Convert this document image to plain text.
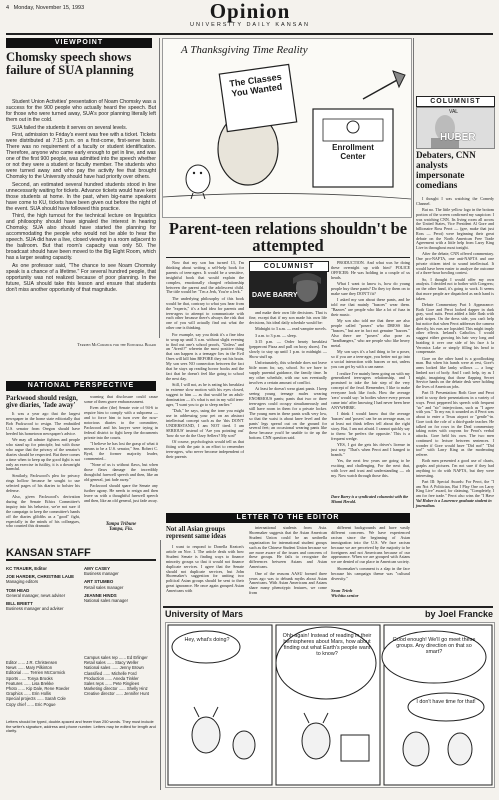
4 Monday, November 15, 1993	Opinion
UNIVERSITY DAILY KANSAN
VIEWPOINT
Chomsky speech shows failure of SUA planning

Student Union Activities' presentation of Noam Chomsky was a success for the 900 people who actually heard the speech. But for those who were turned away, SUA's poor planning literally left them out in the cold.

SUA failed the students it serves on several levels.

First, admission to Friday's event was free with a ticket. Tickets were distributed at 7:15 p.m. on a first-come, first-serve basis. There was no requirement of a faculty or student identification. Therefore, anyone who came early enough to get in line, and was one of the first 900 people, was admitted into the speech whether or not they were a student or faculty member. The students who were turned away and who pay the activity fee that brought Chomsky to the University should have had priority over others.

Second, an estimated several hundred students stood in line unnecessarily waiting for tickets. Advance tickets would have kept those students at home. In the past, when big-name speakers have come to KU, tickets have been given out before the night of the event. SUA should have followed this practice.

Third, the high turnout for the technical lecture on linguistics and philosophy should have signaled the interest in hearing Chomsky. SUA also should have started the planning for accommodating the people who would not be able to hear the speech. SUA did have a live, closed viewing in a room adjacent to the ballroom. But that room's capacity was only 50. The broadcast should have been moved to the Big Eight Room, which has a larger seating capacity.

As one professor said, "The chance to see Noam Chomsky speak is a chance of a lifetime." For several hundred people, that opportunity was not realized because of poor planning. In the future, SUA should take this lesson and ensure that students don't miss another opportunity of that magnitude.

Terrien McCormick for the Editorial Board
A Thanksgiving Time Reality
The Classes You Wanted
Enrollment Center
COLUMNIST
VAL
HUBER
Debaters, CNN analysts impersonate comedians

I thought I was watching the Comedy Channel.

But no. The little yellow logo in the bottom portion of the screen confirmed my suspicion: I was watching CNN. Its living room all across the United States, Vice President Al Gore and billionaire Ross Perot — (gee, make that just Ross — Perot) were beginning their great debate on the North American Free Trade Agreement with a little help from Larry King Live in throughout most tonight.

After the debate, CNN offered commentary. One pro-NAFTA, one anti-NAFTA and one private citizen tried to sound intellectual. It would have been easier to analyze the outcome of a three-hour bowling contest.

So, I thought I would offer my own analysis. I decided not to bother with Congress; on the other hand, it's going to work. It seems that more people are dispatched as each hand is taken.

Debate Commentary Part I: Appearance: Both Gore and Perot looked dapper in dark gray, wool suits. Perot added a little flash with gold stripes. On the dress side, you can't help but notice that when Perot addresses the camera directly, his ears are lopsided. This might imply other effects. Ireland's Catholics. I would suggest either growing his hair very long and braiding it over one side of his face à la Veronica Lake or simply filling his head to compensate.

Gore on the other hand is a goodlooking man. But when his hands were at rest, Gore's arms looked like lanky willows — a long-limbed sort of body. And I can't help, try as I might, imagining that those flapping Secret Service hands on the debate desk were holding the lives of American jobs.

Part II: Presentation: Both Gore and Perot tried to sway their presentations in a variety of ways. Perot peppered his speech with frequent "sir" and "sir" interjections, such as "I agree with you." To my ear, it sounded as if Perot was about to enter a Texas airport or "gentle"-in. Gore took the role of a third-grade teacher. He talked on for rows in the Deal commentary taking notes with crayons for Perot's verbal attacks. Gore held his own. The two men continued to lecture between sentences. I wonder if Gore would have "Did not!" "Did too!" with Larry King as the moderating referee.

Both men presented a good use of charts, graphs and pictures. I'm not sure if they had anything to do with NAFTA, but they were interesting.

Part III: Special Awards: For Perot, the "I am Not A Politician, But I Play One on Larry King Live" award, for claiming, "Completely, I am for free trade." Perot also wins the "I Have

Val Huber is a Lawrence graduate student in journalism.
Parent-teen relations shouldn't be attempted

Now that my son has turned 13, I'm thinking about writing a self-help book for parents of teen-agers. It would be a sensitive, insightful book that would explain the complex, emotionally charged relationship between the parent and the adolescent child. The title would be: "I'm a Jerk, You're a Jerk."

The underlying philosophy of this book would be that, contrary to what you hear from the "experts," it's a bad idea for parents and teen-agers to attempt to communicate with each other because there's always the risk that one of you will actually find out what the other one is thinking.

For example, say you think it's a fine idea to wrap up until 3 a.m. without slight evening to find out one's school proofs, "Unless" and an "Aren't?" wherein the most positive thing that can happen is a teenager lies in the Evil Ones will kill him BEFORE they eat his brain. My son sees NO connection between the fact that he stays up reading horror books and the fact that he doesn't feel like going to school the next day.

Still, I will not, as he is eating his breakfast in extreme slow motion with his eyes closed, suggest to him — as that would be an adult-domination — it's what is not in my wild teen-ager, "I want you to go to sleep earlier."

"Duh," he says, using the tone you might use in addressing your pet on an abstract intellectual concept such as the 'this DON'T UNDERSTAND, I am NOT tired. I am SERIOUS' instead of 'Are you pointing out' 'how do we do the Ozzy Sellers? My son?'

Of course, psychologists would tell us that fitting with the pair is an effort to remember teen-agers, who never become independent of their parents

COLUMNIST
DAVE BARRY

and make their own life decisions. That is fine, except that if my son made his own life decisions, his ideal daily schedule would be:

Midnight to 3 a.m. — read vampire novels.

3 a.m. to 3 p.m. — sleep.

3:15 p.m. — Order hearty breakfast (pepperoni Pizza and pull on boxy shoes). I'm slowly to stay up until 1 p.m. to midnight — Show stuff up.

Unfortunately, this schedule does not leave little room for, say, school. So we have to supply parental guidance, the family time. In my other schedule, with our son eventually involves a certain amount of conflict.

At least he doesn't wear giant pants. I keep seeing young teenage males wearing ENORMOUS pants; pants that two or three teen-agers could occupy simultaneously and still have room in them for a private locker. The young men in these pants walk very low, so that the waist is about knee level and the pants' legs spread out on the ground for several feet; an occasional wearing pants like these because you'd be unable to tie up the bottom. CNN question said.

PRODUCTION. And what was he doing these overnight up with him? POLICE OFFICER: He was holding in a couple of us heads.

What I want to know is, how do young people buy these pants? Do they try them on to make sure they DON'T fit?

I asked my son about these pants, and he told me that mainly "bazoes" wear them. "Bazoes" are people who like a lot of fuzz in their music.

My son also told me that there are also people called "posers" who DRESS like "bazoes," but are in fact not genuine "bazoes." Also there are "posers" also pose as "headbangers," who are people who like heavy metal.

My son says it's a bad thing to be a poser, so if you are a teen-ager, you better not go into a social interaction with bazoes or not, unless you can get by with a can name.

I realize I've mainly been going on with my generalized teen-agers relationship, and I promised to take the fair step of the very concept of the feud. Remember, I like to make everyone look like fools. How the average 'zero' would say: 'in bodies where every person came into' after knowing I had never been here ANYWHERE.

I think I would know that the average 'bazoes' and 'posers' can be an average man, or at least not think tellers tell about the right story. But, I am not afraid. I cannot quickly say to them: 'he prefers the opposite.' This is a frequent wedge.

YES, I got the gets his driver's license in just way. "That's when Perot and I hanged to brands."

Yes, the next few years are going to be exciting and challenging. For the next that, with love and trust and understanding — oh my. Now watch through those this.

Dave Barry is a syndicated columnist with the Miami Herald.
NATIONAL PERSPECTIVE
Parkwood should resign, give diaries, 'fade away'

It was a year ago that the largest newspaper in the home state editorially that Bob Packwood to resign. The embattled U.S. senator from Oregon should have heeded his hometown newspaper's advice.

We may all admire fighters and people who stand up for principle, but with those who argue that the privacy of the senator's diaries should be respected. But there comes a time when to keep up the good fight is not only an exercise in futility, it is a downright harmful.

Similarly, Packwood's plea for privacy rings hollow because he sought to use selected pages of his diaries to bolster his defense.

Also, given Packwood's derivation during the Senate Ethics Committee's inquiry into his behavior, we're not sure if the campaign to keep the committee's hands off the diaries glibfibs as a "good" fight, especially in the minds of his colleagues, who counted this dramatic

warning that disclosure could cause some of them grave embarrassment.

Even after (the) Senate vote of 94-6 to require him to comply with a subpoena — and to force him to turn over the now-notorious diaries to the committee, Packwood and his lawyer were trying in federal district to fight keep the documents private into the courts.

"I believe he has lost the grasp of what it means to be a U.S. senator," Sen. Robert C. Byrd, the former majority leader, commented...

"None of us is without flaws, but when those flaws damage the incredibly thoughtful farewell speech and then, like an old general, just fade away."

Packwood should spare the Senate any further agony. He needs to resign and then leave us with a thoughtful farewell speech and then, like an old general, just fade away.

Tampa Tribune
Tampa, Fla.
LETTER TO THE EDITOR
Not all Asian groups represent same ideas

I want to respond to Donella Keaton's article on Nov. 1. The article deals with how Student Senate is finding ways to finance minority groups so that it would not finance duplicate services. I agree that the Senate should not duplicate services, but John Shoemaker's suggestion for uniting two political Asian groups should be sent to their great ignorance. He once again grouped Asian Americans with

international students from Asia. Shoemaker suggests that the Asian American Student Union could be an umbrella organization for international student groups such as the Chinese Student Union because we are more aware of the issues and concerns of these groups. He fails to recognize the differences between Asians and Asian Americans.

One of the reasons AASU formed three years ago was to debunk myths about Asian Americans. With Asian Americans and Asians share many phenotypic features, we come from

different backgrounds and have vastly different concerns. We have experienced racism since the beginning of Asian immigration into the U.S. We face racism because we are perceived by the majority to be foreigners and not Americans because of our appearance. When we are grouped with Asians we are denied of our place in American society.

Shoemaker's comment is a slap in the face because his campaign theme was "cultural diversity."

Sean Trinh
Wichita senior
KANSAN STAFF
KC TRAUER, Editor
JOE HARDER, CHRISTINE LAUE
Managing editors
TOM HEAD
General manager, news adviser
BILL BRIETT
Business manager and adviser
AMY CASEY
Business manager
ART STUMBO
Retail sales manager
JEANNE HINDS
National sales manager
Editor ...... J.R. Christensen
News ...... Mary Pilkinton
Editorial ...... Terrien McCormick
Sports ...... Tonya Brooks
Features ...... Lisa Brekke
Photo ...... Kip Dale, Rene Roeder
Graphics ...... Erin Hollis
Special projects ...... Sarah Cole
Copy chief ...... Eric Pogue
Campus sales rep ...... Ed Erlinger
Retail sales ...... Stacy Weller
National sales ...... Jenny Brown
Classified ...... Michelle Ford
Production ...... Aneda Tinkler
Sales reps ...... Pete Ringlees
Marketing director ...... Shelly Hinz
Creative director ...... Jennifer Hunt
Letters should be typed, double-spaced and fewer than 250 words. They must include the writer's signature, address and phone number. Letters may be edited for length and clarity.
University of Mars	by Joel Francke
Hey, what's doing?
Ohh again! Instead of reading in their hemispheres about Mars, how about finding out what Earth's people want to know?
Good enough! We'll go meet these groups. Any direction on that so smart?
I don't have time for that!
